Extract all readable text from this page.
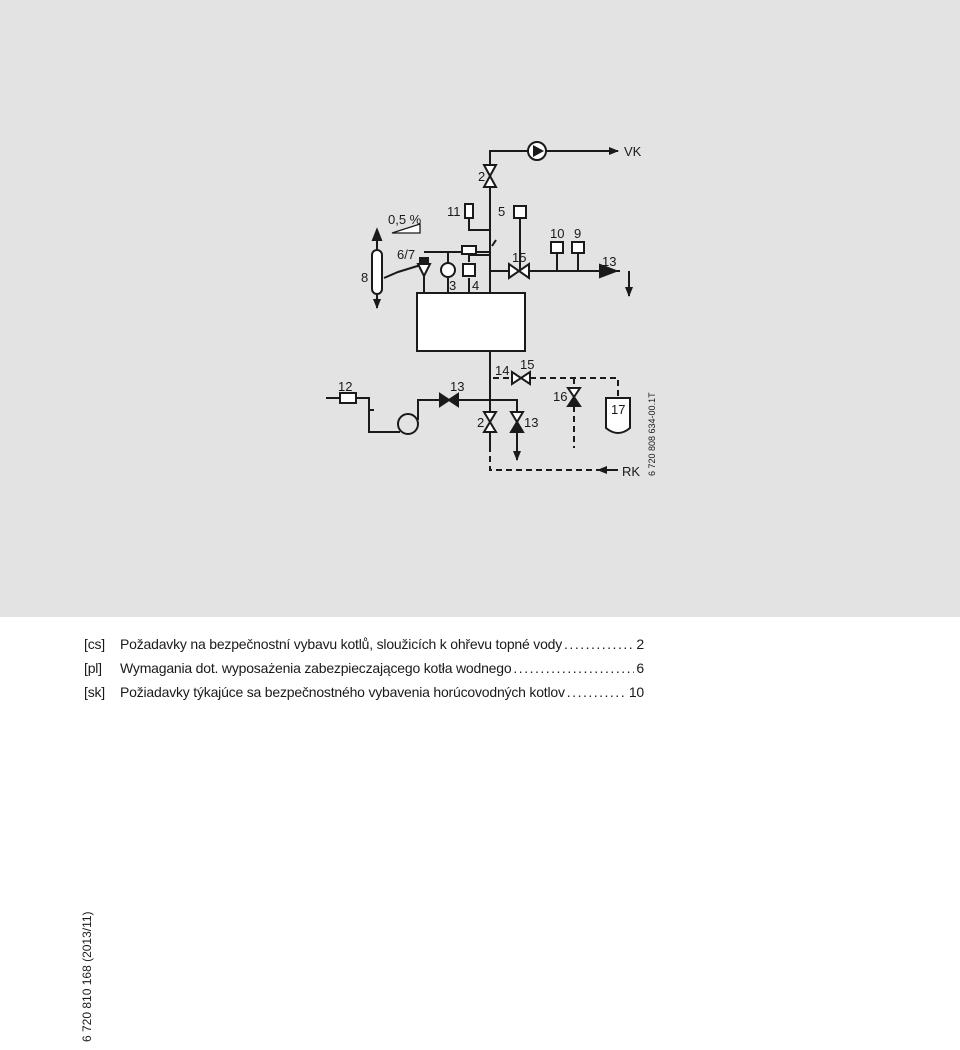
VK
2
0,5 %
11	5
10 9
6/7	15	13
8
3 4
15
14
12	13
16
17
2	13
RK 6 720 808 634-00.1T
[cs]	Požadavky na bezpečnostní vybavu kotlů, sloužicích k ohřevu topné vody .....	2
[pl]	Wymagania dot. wyposażenia zabezpieczającego kotła wodnego .....	6
[sk]	Požiadavky týkajúce sa bezpečnostného vybavenia horúcovodných kotlov .....	10
6 720 810 168 (2013/11)
